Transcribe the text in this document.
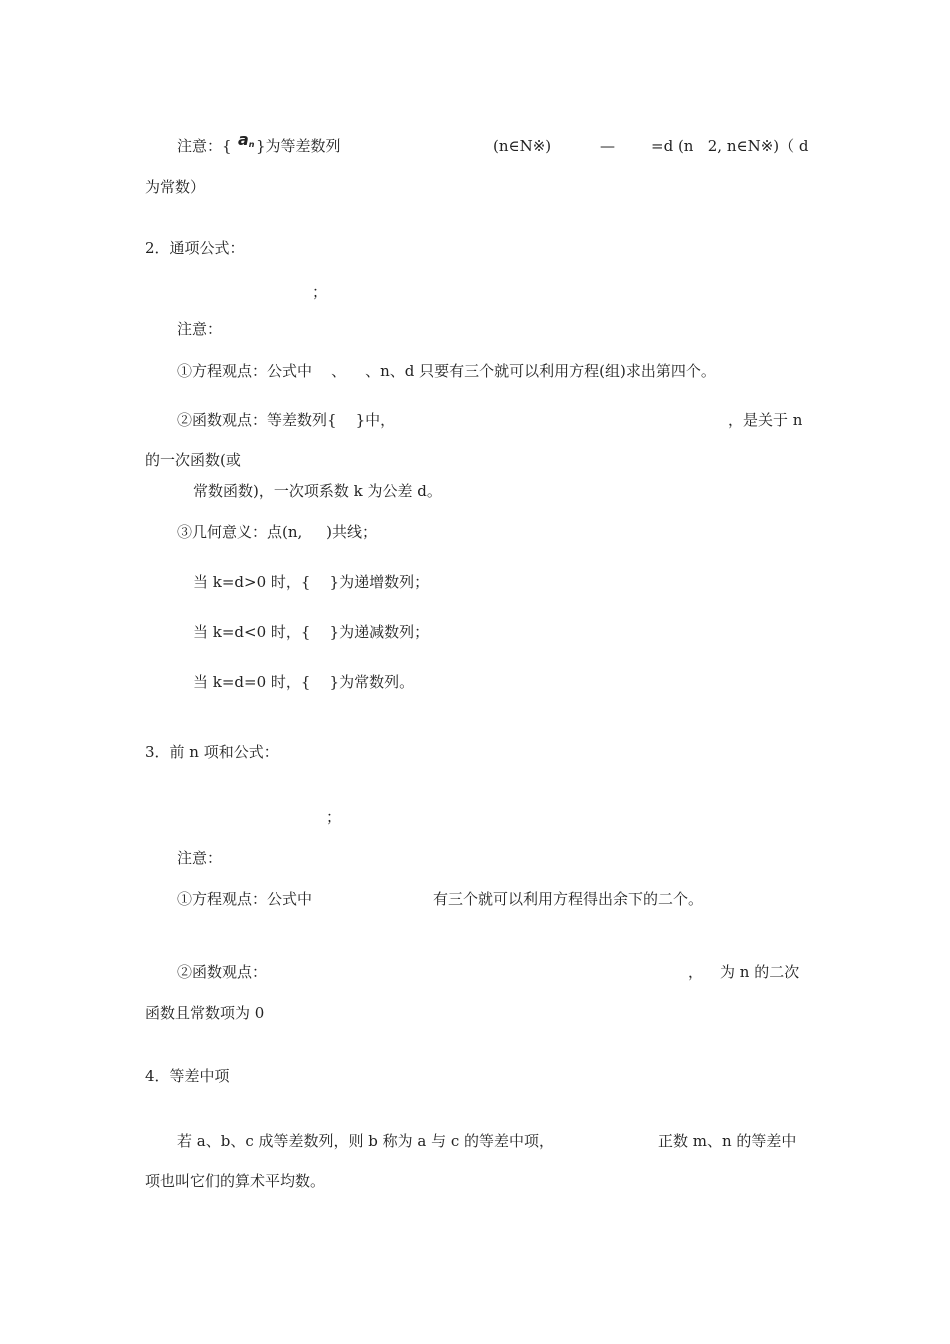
注意：{ $a_n$ }为等差数列	(n∈N※)	— =d (n   2, n∈N※)（ d
为常数）
2．通项公式：
；
注意：
①方程观点：公式中    、    、n、d 只要有三个就可以利用方程(组)求出第四个。
②函数观点：等差数列{    }中，	，是关于 n
的一次函数(或
常数函数)，一次项系数 k 为公差 d。
③几何意义：点(n,     )共线；
当 k=d>0 时，{    }为递增数列；
当 k=d<0 时，{    }为递减数列；
当 k=d=0 时，{    }为常数列。
3．前 n 项和公式：
；
注意：
①方程观点：公式中	有三个就可以利用方程得出余下的二个。
②函数观点：	， 为 n 的二次
函数且常数项为 0
4．等差中项
若 a、b、c 成等差数列，则 b 称为 a 与 c 的等差中项，	正数 m、n 的等差中
项也叫它们的算术平均数。
